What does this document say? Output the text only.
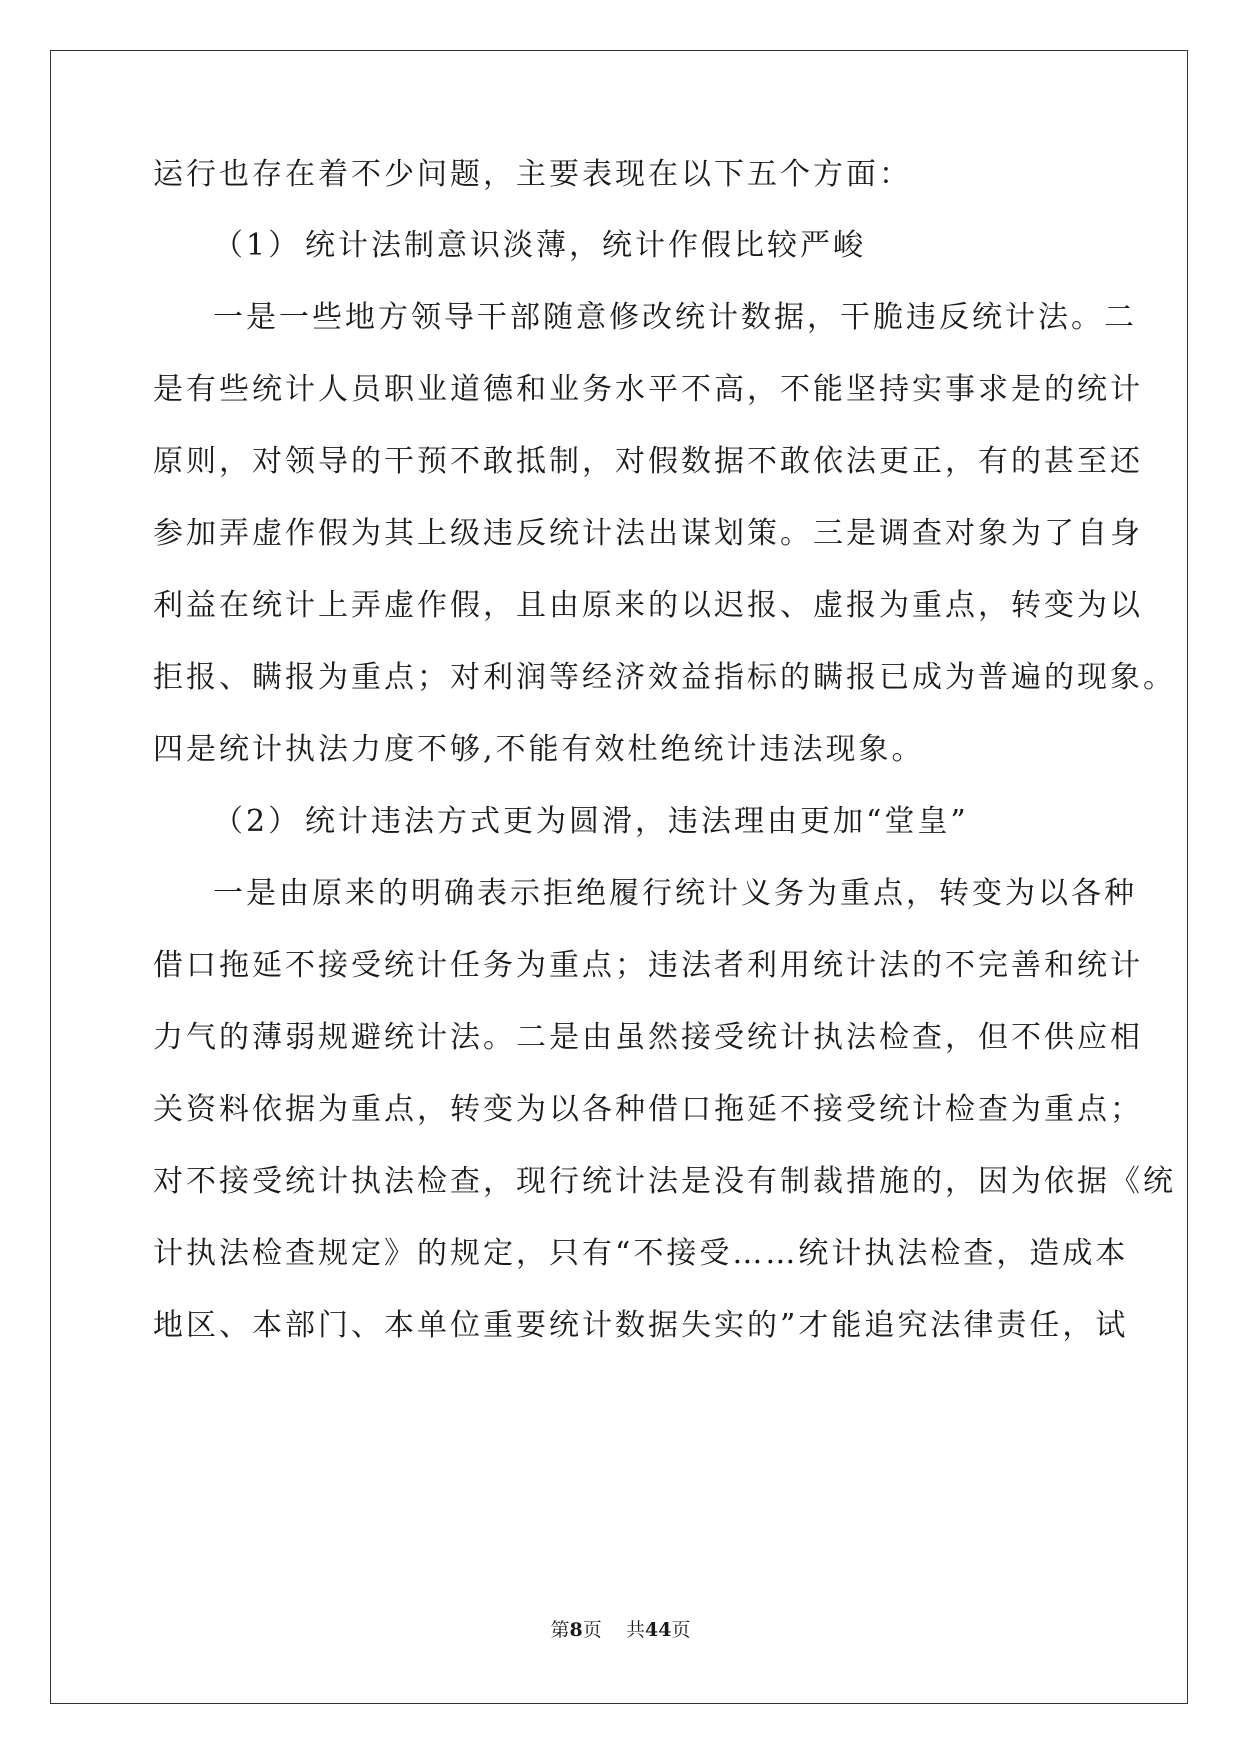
运行也存在着不少问题，主要表现在以下五个方面：
（1） 统计法制意识淡薄，统计作假比较严峻
一是一些地方领导干部随意修改统计数据，干脆违反统计法。二
是有些统计人员职业道德和业务水平不高，不能坚持实事求是的统计
原则，对领导的干预不敢抵制，对假数据不敢依法更正，有的甚至还
参加弄虚作假为其上级违反统计法出谋划策。三是调查对象为了自身
利益在统计上弄虚作假，且由原来的以迟报、虚报为重点，转变为以
拒报、瞒报为重点；对利润等经济效益指标的瞒报已成为普遍的现象。
四是统计执法力度不够,不能有效杜绝统计违法现象。
（2） 统计违法方式更为圆滑，违法理由更加“堂皇”
一是由原来的明确表示拒绝履行统计义务为重点，转变为以各种
借口拖延不接受统计任务为重点；违法者利用统计法的不完善和统计
力气的薄弱规避统计法。二是由虽然接受统计执法检查，但不供应相
关资料依据为重点，转变为以各种借口拖延不接受统计检查为重点；
对不接受统计执法检查，现行统计法是没有制裁措施的，因为依据《统
计执法检查规定》的规定，只有“不接受……统计执法检查，造成本
地区、本部门、本单位重要统计数据失实的”才能追究法律责任，试
第8页 共44页
